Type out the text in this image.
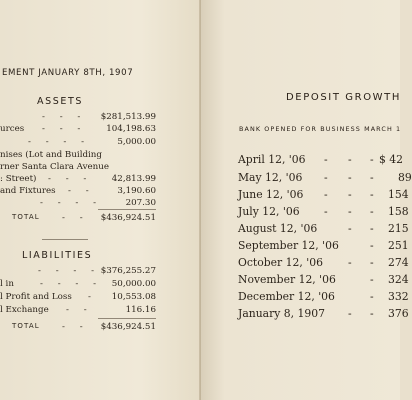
EMENT JANUARY 8TH, 1907
ASSETS
- - - $281,513.99
urces - - - 104,198.63
- - - -	5,000.00
nises (Lot and Building
rner Santa Clara Avenue
: Street) - - - 42,813.99
and Fixtures - -	3,190.60
- - - -	207.30
TOTAL	- - $436,924.51
LIABILITIES
- - - - $376,255.27
l in	- - - - 50,000.00
l Profit and Loss - 10,553.08
l Exchange - -	116.16
TOTAL	- - $436,924.51
DEPOSIT GROWTH
BANK OPENED FOR BUSINESS MARCH 1
April 12, '06 - - - $ 42
May 12, '06 - - - 89
June 12, '06 - - - 154
July 12, '06 - - - 158
August 12, '06	- - 215
September 12, '06	- 251
October 12, '06 - - 274
November 12, '06	- 324
December 12, '06	- 332
January 8, 1907 - - 376
